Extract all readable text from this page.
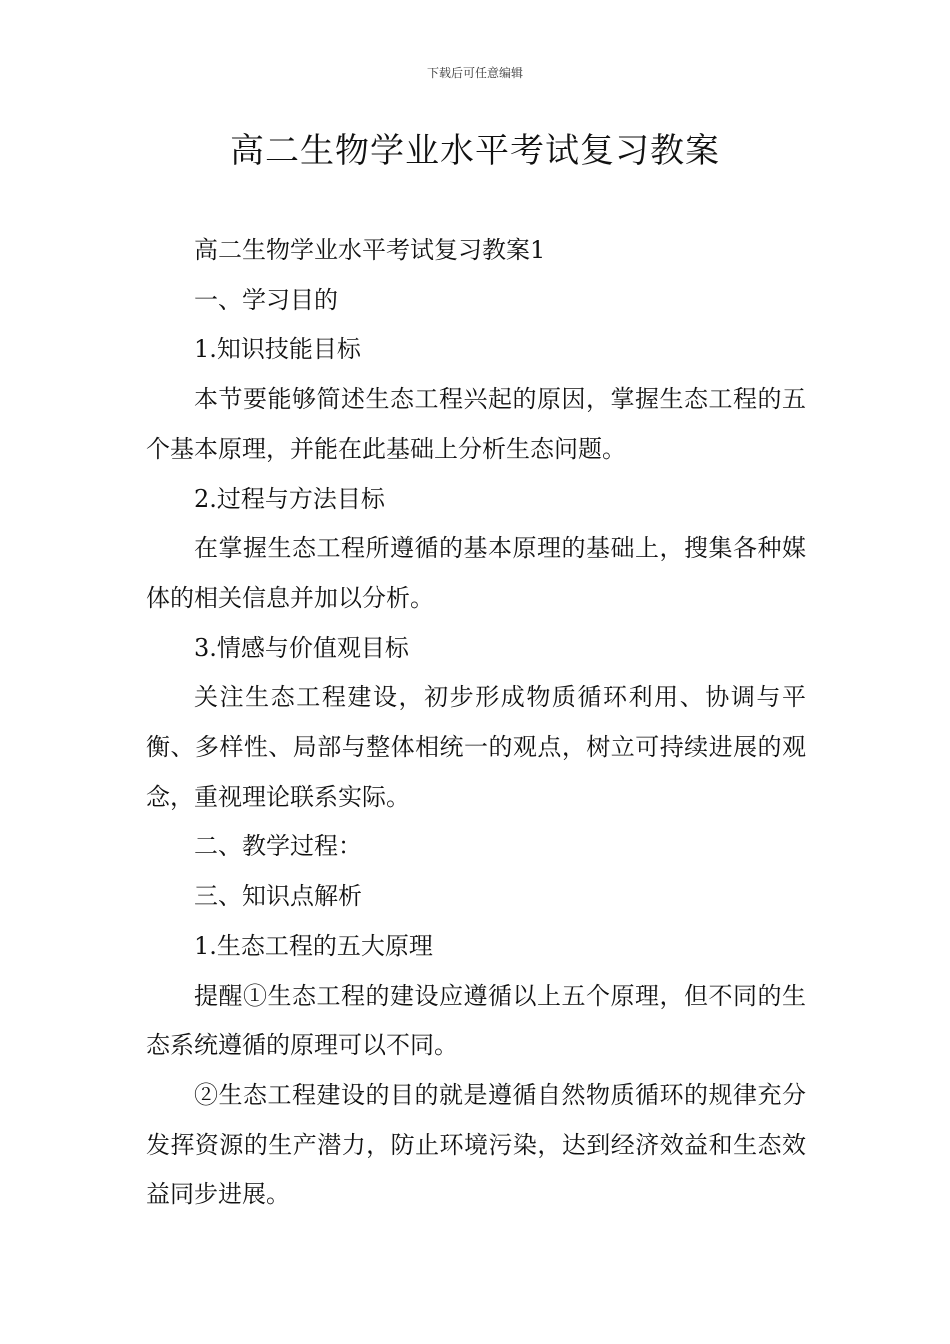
下载后可任意编辑
高二生物学业水平考试复习教案

高二生物学业水平考试复习教案1

一、学习目的

1.知识技能目标

本节要能够简述生态工程兴起的原因，掌握生态工程的五个基本原理，并能在此基础上分析生态问题。

2.过程与方法目标

在掌握生态工程所遵循的基本原理的基础上，搜集各种媒体的相关信息并加以分析。

3.情感与价值观目标

关注生态工程建设，初步形成物质循环利用、协调与平衡、多样性、局部与整体相统一的观点，树立可持续进展的观念，重视理论联系实际。

二、教学过程：

三、知识点解析

1.生态工程的五大原理

提醒①生态工程的建设应遵循以上五个原理，但不同的生态系统遵循的原理可以不同。

②生态工程建设的目的就是遵循自然物质循环的规律充分发挥资源的生产潜力，防止环境污染，达到经济效益和生态效益同步进展。
